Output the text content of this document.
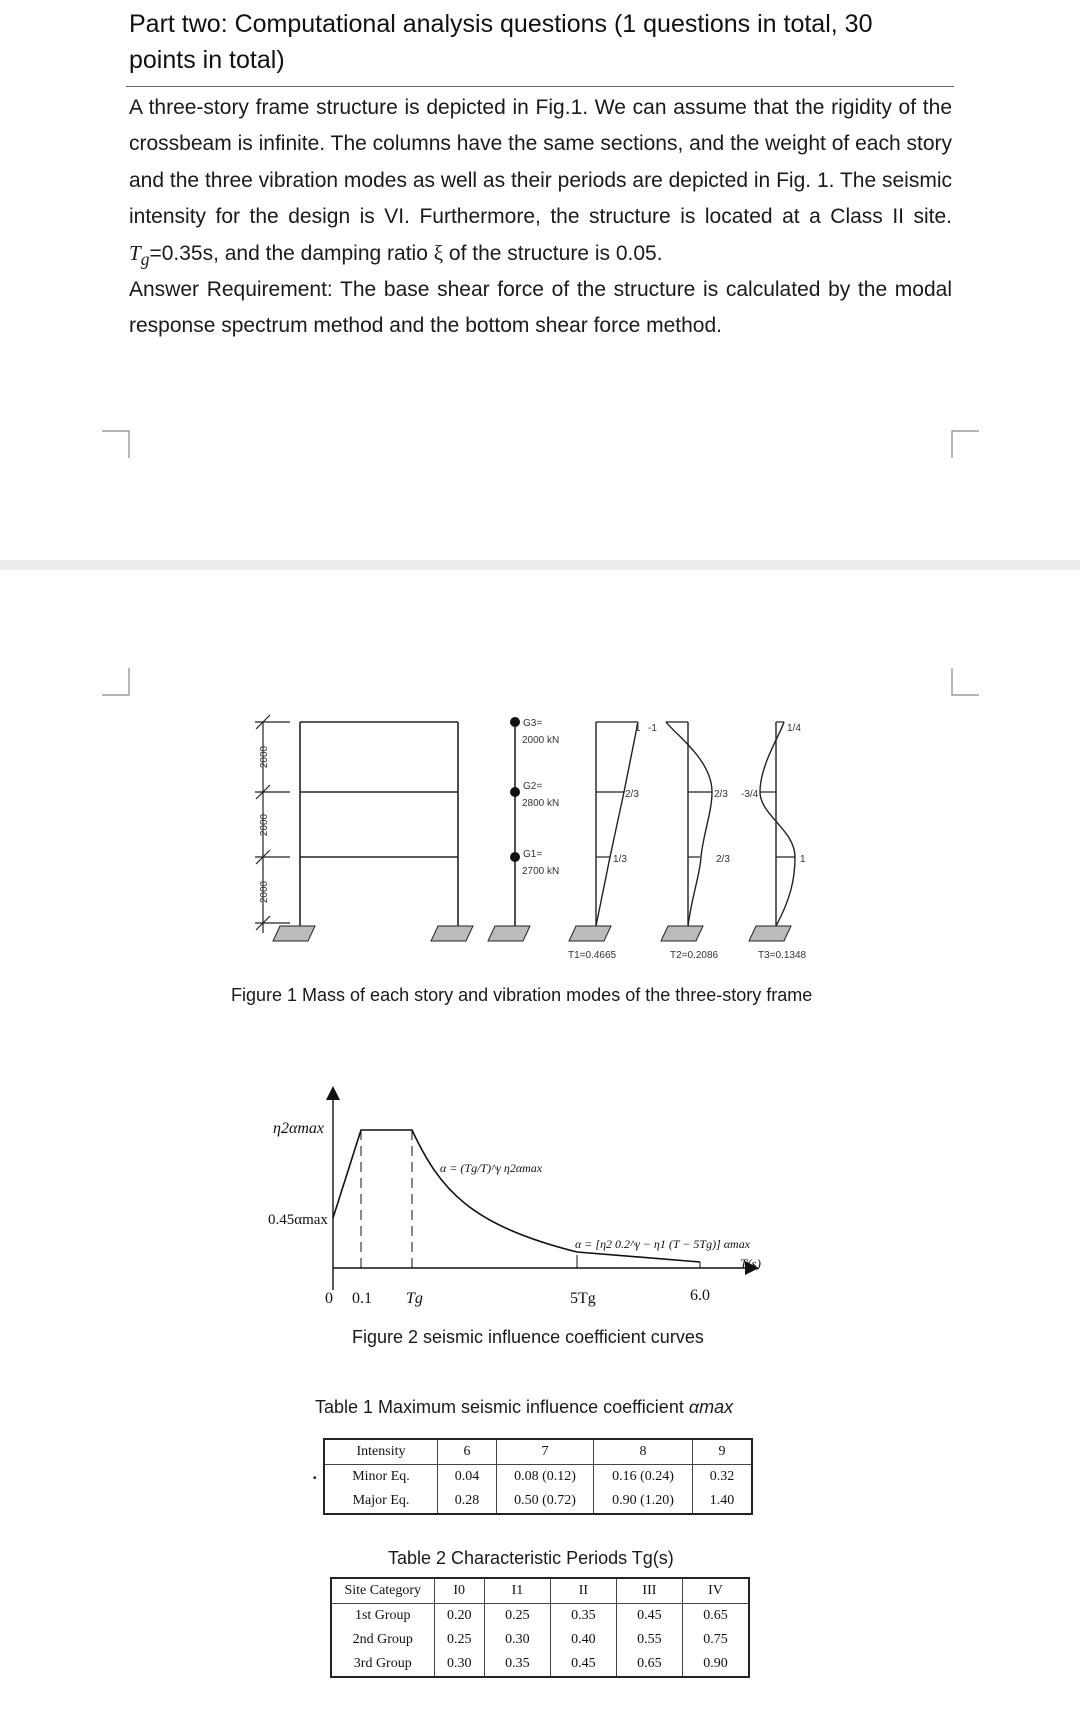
Part two: Computational analysis questions (1 questions in total, 30
points in total)

A three-story frame structure is depicted in Fig.1. We can assume that the rigidity of the crossbeam is infinite. The columns have the same sections, and the weight of each story and the three vibration modes as well as their periods are depicted in Fig. 1. The seismic intensity for the design is VI. Furthermore, the structure is located at a Class II site. $T_g=0.35s$, and the damping ratio ξ of the structure is 0.05.

Answer Requirement: The base shear force of the structure is calculated by the modal response spectrum method and the bottom shear force method.

2000
2000
2000
G3=
2000 kN
G2=
2800 kN
G1=
2700 kN
1
2/3
1/3
T1=0.4665
-1
2/3
2/3
T2=0.2086
1/4
-3/4
1
T3=0.1348
Figure 1 Mass of each story and vibration modes of the three-story frame
η2αmax
0.45αmax
α = (Tg/T)^γ η2αmax
α = [η2 0.2^γ − η1 (T − 5Tg)] αmax
T(s)
0 0.1 Tg	5Tg	6.0
Figure 2 seismic influence coefficient curves
Table 1 Maximum seismic influence coefficient αmax
•
Intensity	6	7	8	9
Minor Eq.	0.04	0.08 (0.12)	0.16 (0.24)	0.32
Major Eq.	0.28	0.50 (0.72)	0.90 (1.20)	1.40
Table 2 Characteristic Periods Tg(s)
Site Category	I0	I1	II	III	IV
1st Group	0.20	0.25	0.35	0.45	0.65
2nd Group	0.25	0.30	0.40	0.55	0.75
3rd Group	0.30	0.35	0.45	0.65	0.90
